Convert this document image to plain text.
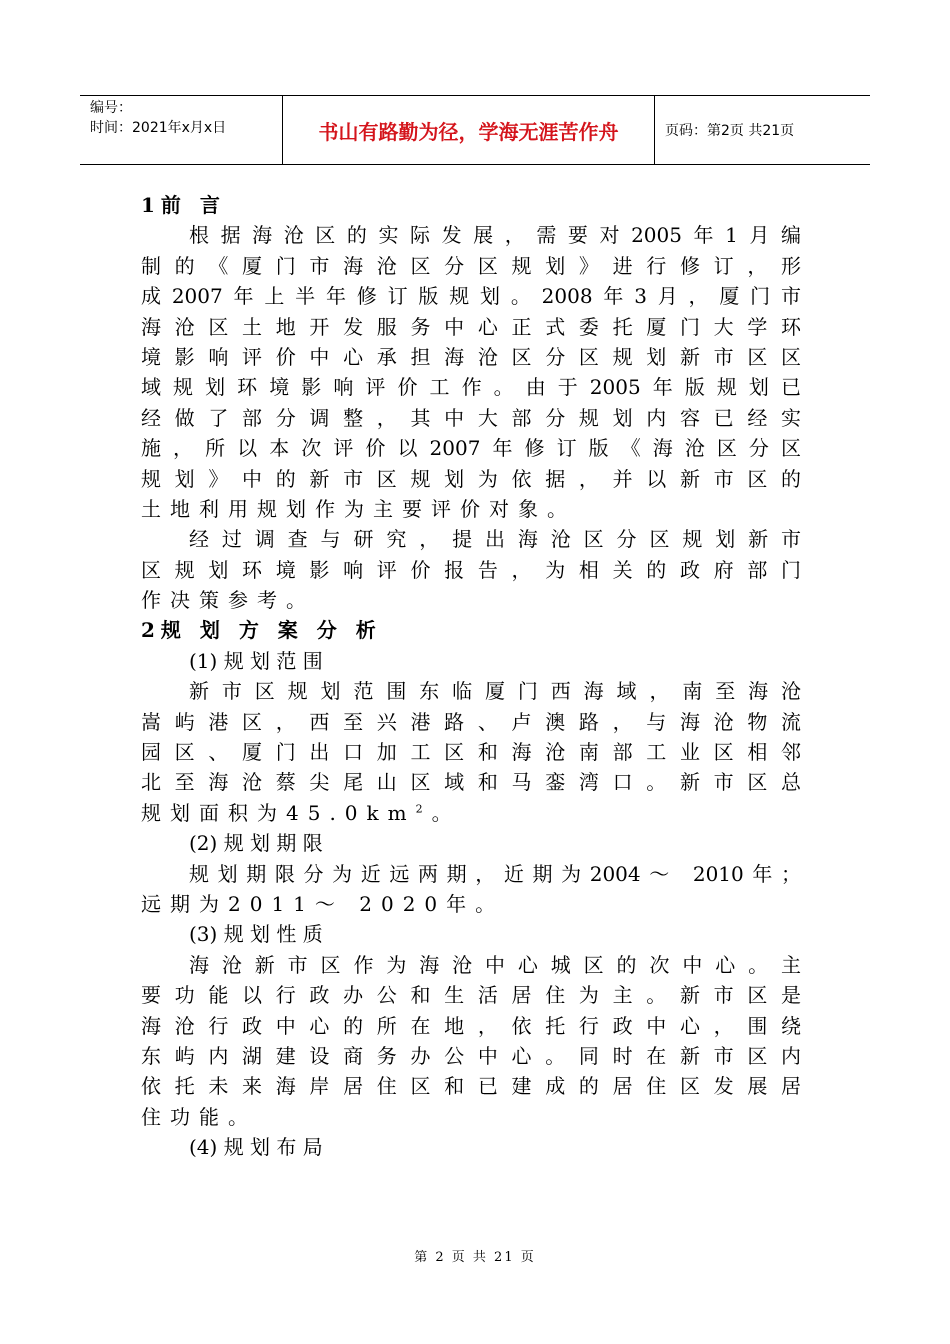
编号：
时间：2021年x月x日	书山有路勤为径，学海无涯苦作舟	页码：第2页 共21页
1前 言
根据海沧区的实际发展，需要对2005年1月编
制的《厦门市海沧区分区规划》进行修订，形
成2007年上半年修订版规划。2008年3月，厦门市
海沧区土地开发服务中心正式委托厦门大学环
境影响评价中心承担海沧区分区规划新市区区
域规划环境影响评价工作。由于2005年版规划已
经做了部分调整，其中大部分规划内容已经实
施，所以本次评价以2007年修订版《海沧区分区
规划》中的新市区规划为依据，并以新市区的
土地利用规划作为主要评价对象。
经过调查与研究，提出海沧区分区规划新市
区规划环境影响评价报告，为相关的政府部门
作决策参考。
2规 划 方 案 分 析
(1) 规 划 范 围
新市区规划范围东临厦门西海域，南至海沧
嵩屿港区，西至兴港路、卢澳路，与海沧物流
园区、厦门出口加工区和海沧南部工业区相邻
北至海沧蔡尖尾山区域和马銮湾口。新市区总
规划面积为$45.0km^2$。
(2) 规 划 期 限
规划期限分为近远两期，近期为2004～ 2010年；
远期为2011～ 2020年。
(3) 规 划 性 质
海沧新市区作为海沧中心城区的次中心。主
要功能以行政办公和生活居住为主。新市区是
海沧行政中心的所在地，依托行政中心，围绕
东屿内湖建设商务办公中心。同时在新市区内
依托未来海岸居住区和已建成的居住区发展居
住功能。
(4) 规 划 布 局
第 2 页 共 21 页
